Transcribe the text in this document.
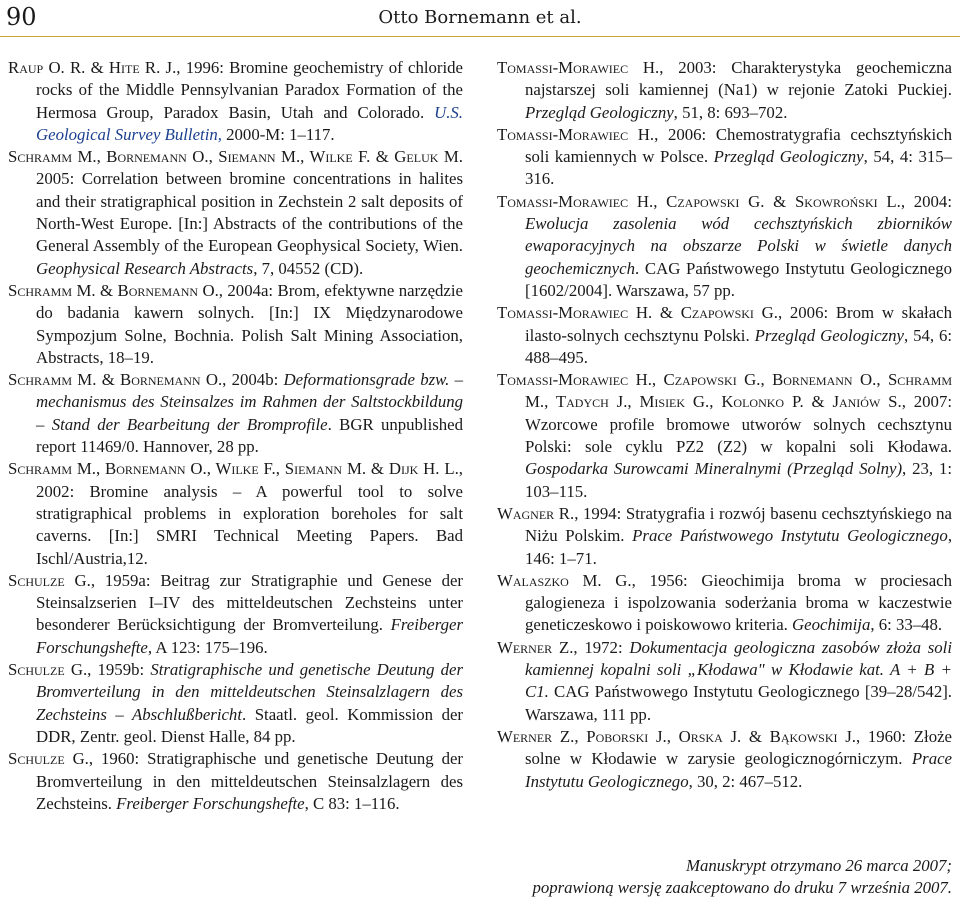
90	Otto Bornemann et al.

Raup O. R. & Hite R. J., 1996: Bromine geochemistry of chloride rocks of the Middle Pennsylvanian Paradox Formation of the Hermosa Group, Paradox Basin, Utah and Colorado. U.S. Geological Survey Bulletin, 2000-M: 1–117.

Schramm M., Bornemann O., Siemann M., Wilke F. & Geluk M. 2005: Correlation between bromine concentrations in halites and their stratigraphical position in Zechstein 2 salt deposits of North-West Europe. [In:] Abstracts of the contributions of the General Assembly of the European Geophysical Society, Wien. Geophysical Research Abstracts, 7, 04552 (CD).

Schramm M. & Bornemann O., 2004a: Brom, efektywne narzędzie do badania kawern solnych. [In:] IX Międzynarodowe Sympozjum Solne, Bochnia. Polish Salt Mining Association, Abstracts, 18–19.

Schramm M. & Bornemann O., 2004b: Deformationsgrade bzw. – mechanismus des Steinsalzes im Rahmen der Saltstockbildung – Stand der Bearbeitung der Bromprofile. BGR unpublished report 11469/0. Hannover, 28 pp.

Schramm M., Bornemann O., Wilke F., Siemann M. & Dijk H. L., 2002: Bromine analysis – A powerful tool to solve stratigraphical problems in exploration boreholes for salt caverns. [In:] SMRI Technical Meeting Papers. Bad Ischl/Austria,12.

Schulze G., 1959a: Beitrag zur Stratigraphie und Genese der Steinsalzserien I–IV des mitteldeutschen Zechsteins unter besonderer Berücksichtigung der Bromverteilung. Freiberger Forschungshefte, A 123: 175–196.

Schulze G., 1959b: Stratigraphische und genetische Deutung der Bromverteilung in den mitteldeutschen Steinsalzlagern des Zechsteins – Abschlußbericht. Staatl. geol. Kommission der DDR, Zentr. geol. Dienst Halle, 84 pp.

Schulze G., 1960: Stratigraphische und genetische Deutung der Bromverteilung in den mitteldeutschen Steinsalzlagern des Zechsteins. Freiberger Forschungshefte, C 83: 1–116.

Tomassi-Morawiec H., 2003: Charakterystyka geochemiczna najstarszej soli kamiennej (Na1) w rejonie Zatoki Puckiej. Przegląd Geologiczny, 51, 8: 693–702.

Tomassi-Morawiec H., 2006: Chemostratygrafia cechsztyńskich soli kamiennych w Polsce. Przegląd Geologiczny, 54, 4: 315–316.

Tomassi-Morawiec H., Czapowski G. & Skowroński L., 2004: Ewolucja zasolenia wód cechsztyńskich zbiorników ewaporacyjnych na obszarze Polski w świetle danych geochemicznych. CAG Państwowego Instytutu Geologicznego [1602/2004]. Warszawa, 57 pp.

Tomassi-Morawiec H. & Czapowski G., 2006: Brom w skałach ilasto-solnych cechsztynu Polski. Przegląd Geologiczny, 54, 6: 488–495.

Tomassi-Morawiec H., Czapowski G., Bornemann O., Schramm M., Tadych J., Misiek G., Kolonko P. & Janiów S., 2007: Wzorcowe profile bromowe utworów solnych cechsztynu Polski: sole cyklu PZ2 (Z2) w kopalni soli Kłodawa. Gospodarka Surowcami Mineralnymi (Przegląd Solny), 23, 1: 103–115.

Wagner R., 1994: Stratygrafia i rozwój basenu cechsztyńskiego na Niżu Polskim. Prace Państwowego Instytutu Geologicznego, 146: 1–71.

Walaszko M. G., 1956: Gieochimija broma w prociesach galogieneza i ispolzowania soderżania broma w kaczestwie geneticzeskowo i poiskowowo kriteria. Geochimija, 6: 33–48.

Werner Z., 1972: Dokumentacja geologiczna zasobów złoża soli kamiennej kopalni soli „Kłodawa" w Kłodawie kat. A + B + C1. CAG Państwowego Instytutu Geologicznego [39–28/542]. Warszawa, 111 pp.

Werner Z., Poborski J., Orska J. & Bąkowski J., 1960: Złoże solne w Kłodawie w zarysie geologicznogórniczym. Prace Instytutu Geologicznego, 30, 2: 467–512.

Manuskrypt otrzymano 26 marca 2007;
poprawioną wersję zaakceptowano do druku 7 września 2007.
